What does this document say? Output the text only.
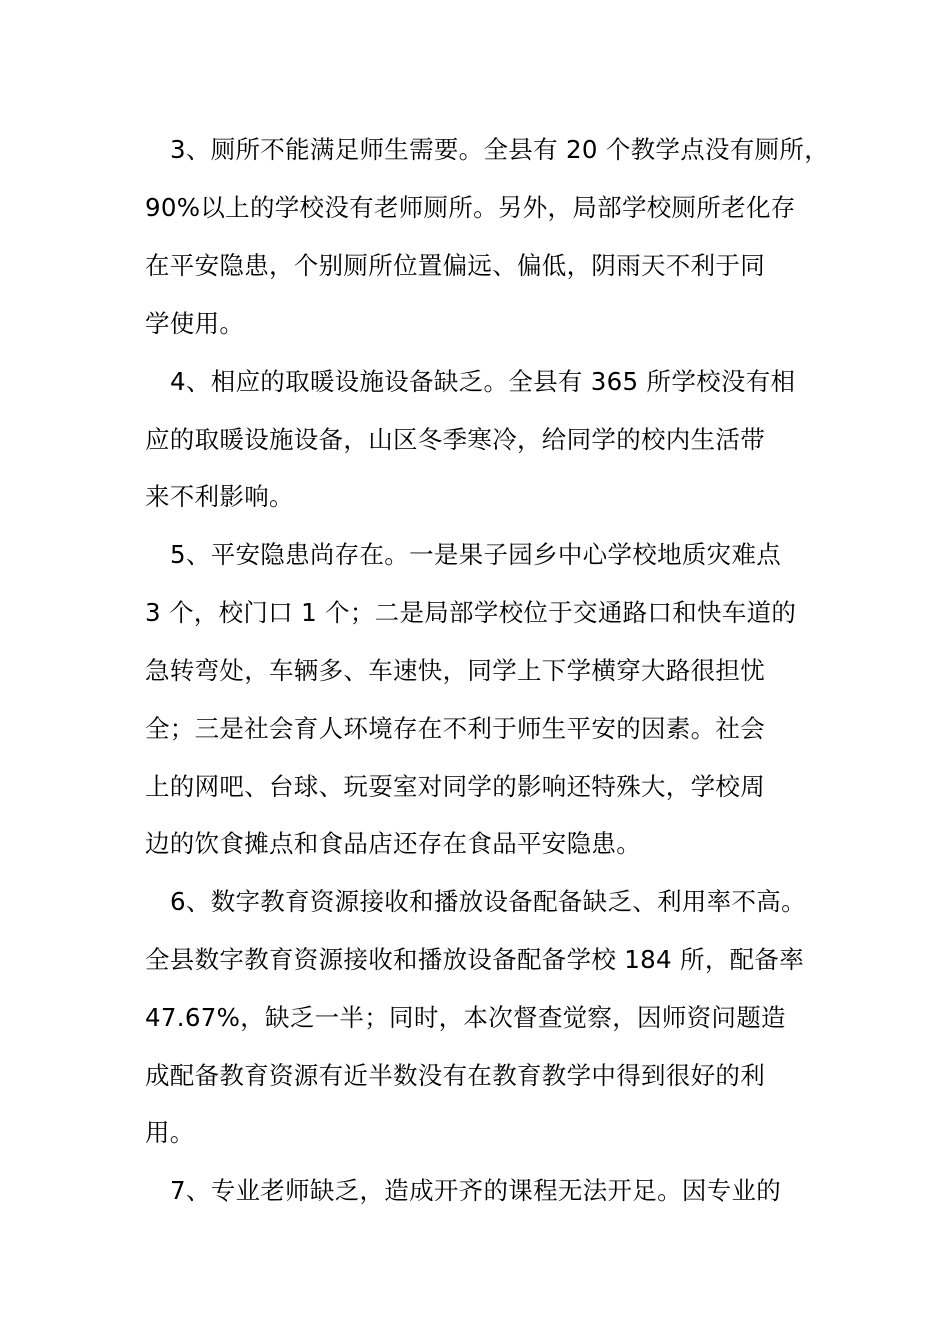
3、厕所不能满足师生需要。全县有 20 个教学点没有厕所，
90%以上的学校没有老师厕所。另外，局部学校厕所老化存
在平安隐患，个别厕所位置偏远、偏低，阴雨天不利于同
学使用。
4、相应的取暖设施设备缺乏。全县有 365 所学校没有相
应的取暖设施设备，山区冬季寒冷，给同学的校内生活带
来不利影响。
5、平安隐患尚存在。一是果子园乡中心学校地质灾难点
3 个，校门口 1 个；二是局部学校位于交通路口和快车道的
急转弯处，车辆多、车速快，同学上下学横穿大路很担忧
全；三是社会育人环境存在不利于师生平安的因素。社会
上的网吧、台球、玩耍室对同学的影响还特殊大，学校周
边的饮食摊点和食品店还存在食品平安隐患。
6、数字教育资源接收和播放设备配备缺乏、利用率不高。
全县数字教育资源接收和播放设备配备学校 184 所，配备率
47.67%，缺乏一半；同时，本次督查觉察，因师资问题造
成配备教育资源有近半数没有在教育教学中得到很好的利
用。
7、专业老师缺乏，造成开齐的课程无法开足。因专业的
